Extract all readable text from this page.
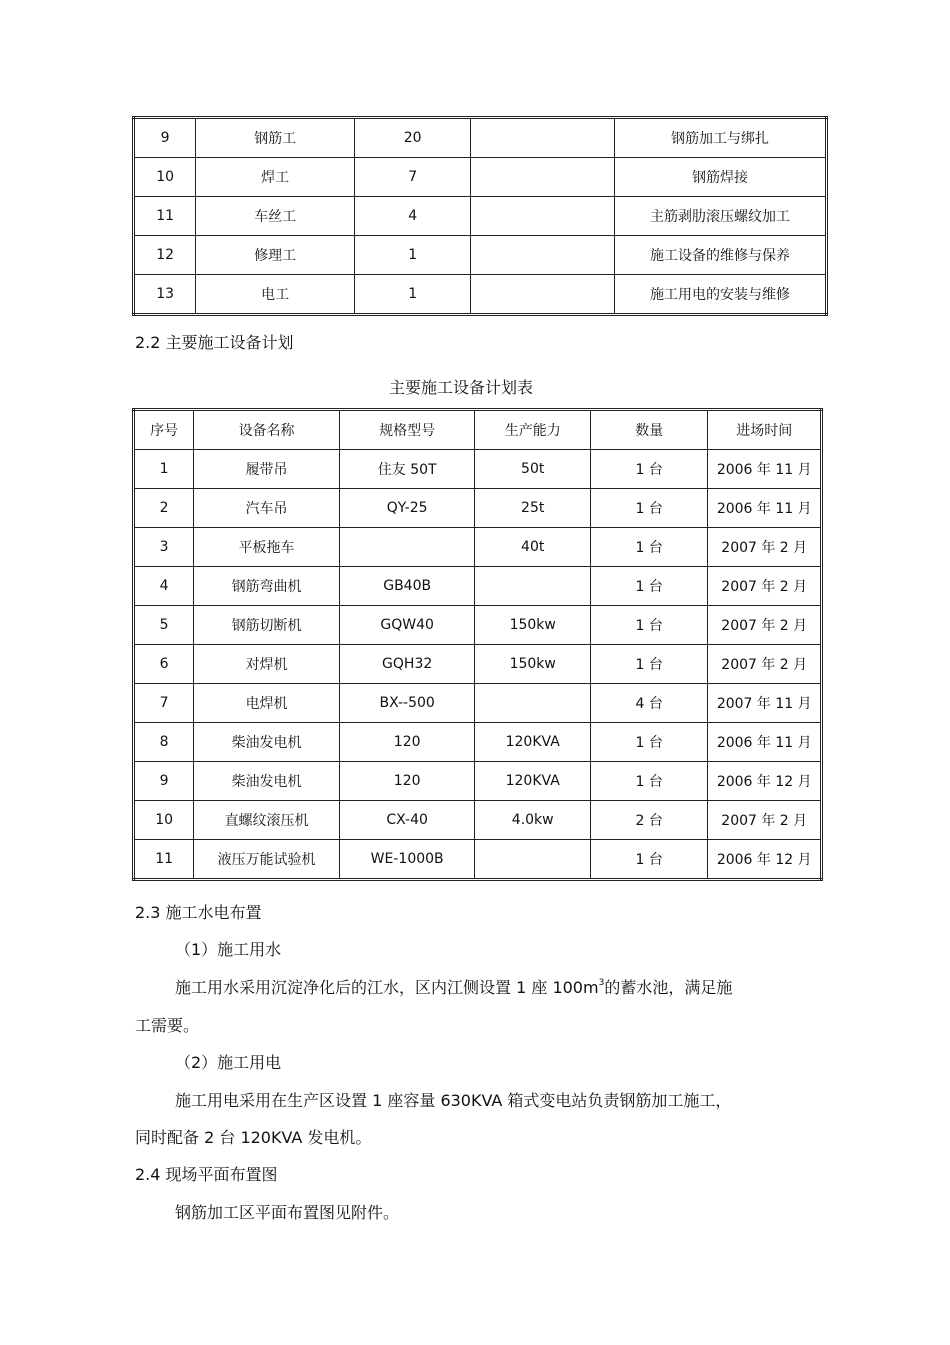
9	钢筋工	20		钢筋加工与绑扎
10	焊工	7		钢筋焊接
11	车丝工	4		主筋剥肋滚压螺纹加工
12	修理工	1		施工设备的维修与保养
13	电工	1		施工用电的安装与维修
2.2 主要施工设备计划
主要施工设备计划表
序号	设备名称	规格型号	生产能力	数量	进场时间
1	履带吊	住友 50T	50t	1 台	2006 年 11 月
2	汽车吊	QY-25	25t	1 台	2006 年 11 月
3	平板拖车		40t	1 台	2007 年 2 月
4	钢筋弯曲机	GB40B		1 台	2007 年 2 月
5	钢筋切断机	GQW40	150kw	1 台	2007 年 2 月
6	对焊机	GQH32	150kw	1 台	2007 年 2 月
7	电焊机	BX--500		4 台	2007 年 11 月
8	柴油发电机	120	120KVA	1 台	2006 年 11 月
9	柴油发电机	120	120KVA	1 台	2006 年 12 月
10	直螺纹滚压机	CX-40	4.0kw	2 台	2007 年 2 月
11	液压万能试验机	WE-1000B		1 台	2006 年 12 月
2.3 施工水电布置
（1）施工用水
施工用水采用沉淀净化后的江水，区内江侧设置 1 座 $100m^3$的蓄水池，满足施
工需要。
（2）施工用电
施工用电采用在生产区设置 1 座容量 630KVA 箱式变电站负责钢筋加工施工，
同时配备 2 台 120KVA 发电机。
2.4 现场平面布置图
钢筋加工区平面布置图见附件。
